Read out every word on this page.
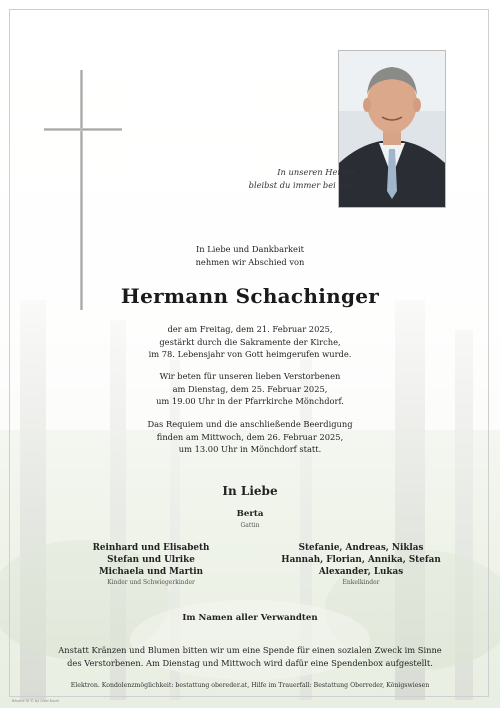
In unseren Herzen
bleibst du immer bei uns.
In Liebe und Dankbarkeit
nehmen wir Abschied von
Hermann Schachinger
der am Freitag, dem 21. Februar 2025,
gestärkt durch die Sakramente der Kirche,
im 78. Lebensjahr von Gott heimgerufen wurde.
Wir beten für unseren lieben Verstorbenen
am Dienstag, dem 25. Februar 2025,
um 19.00 Uhr in der Pfarrkirche Mönchdorf.
Das Requiem und die anschließende Beerdigung
finden am Mittwoch, dem 26. Februar 2025,
um 13.00 Uhr in Mönchdorf statt.
In Liebe
Berta
Gattin
Reinhard und Elisabeth
Stefan und Ulrike
Michaela und Martin
Kinder und Schwiegerkinder
Stefanie, Andreas, Niklas
Hannah, Florian, Annika, Stefan
Alexander, Lukas
Enkelkinder
Im Namen aller Verwandten
Anstatt Kränzen und Blumen bitten wir um eine Spende für einen sozialen Zweck im Sinne
des Verstorbenen. Am Dienstag und Mittwoch wird dafür eine Spendenbox aufgestellt.
Elektron. Kondolenzmöglichkeit: bestattung obereder.at, Hilfe im Trauerfall: Bestattung Oberreder, Königswiesen
Bäume III © by Lisel Kuchl
